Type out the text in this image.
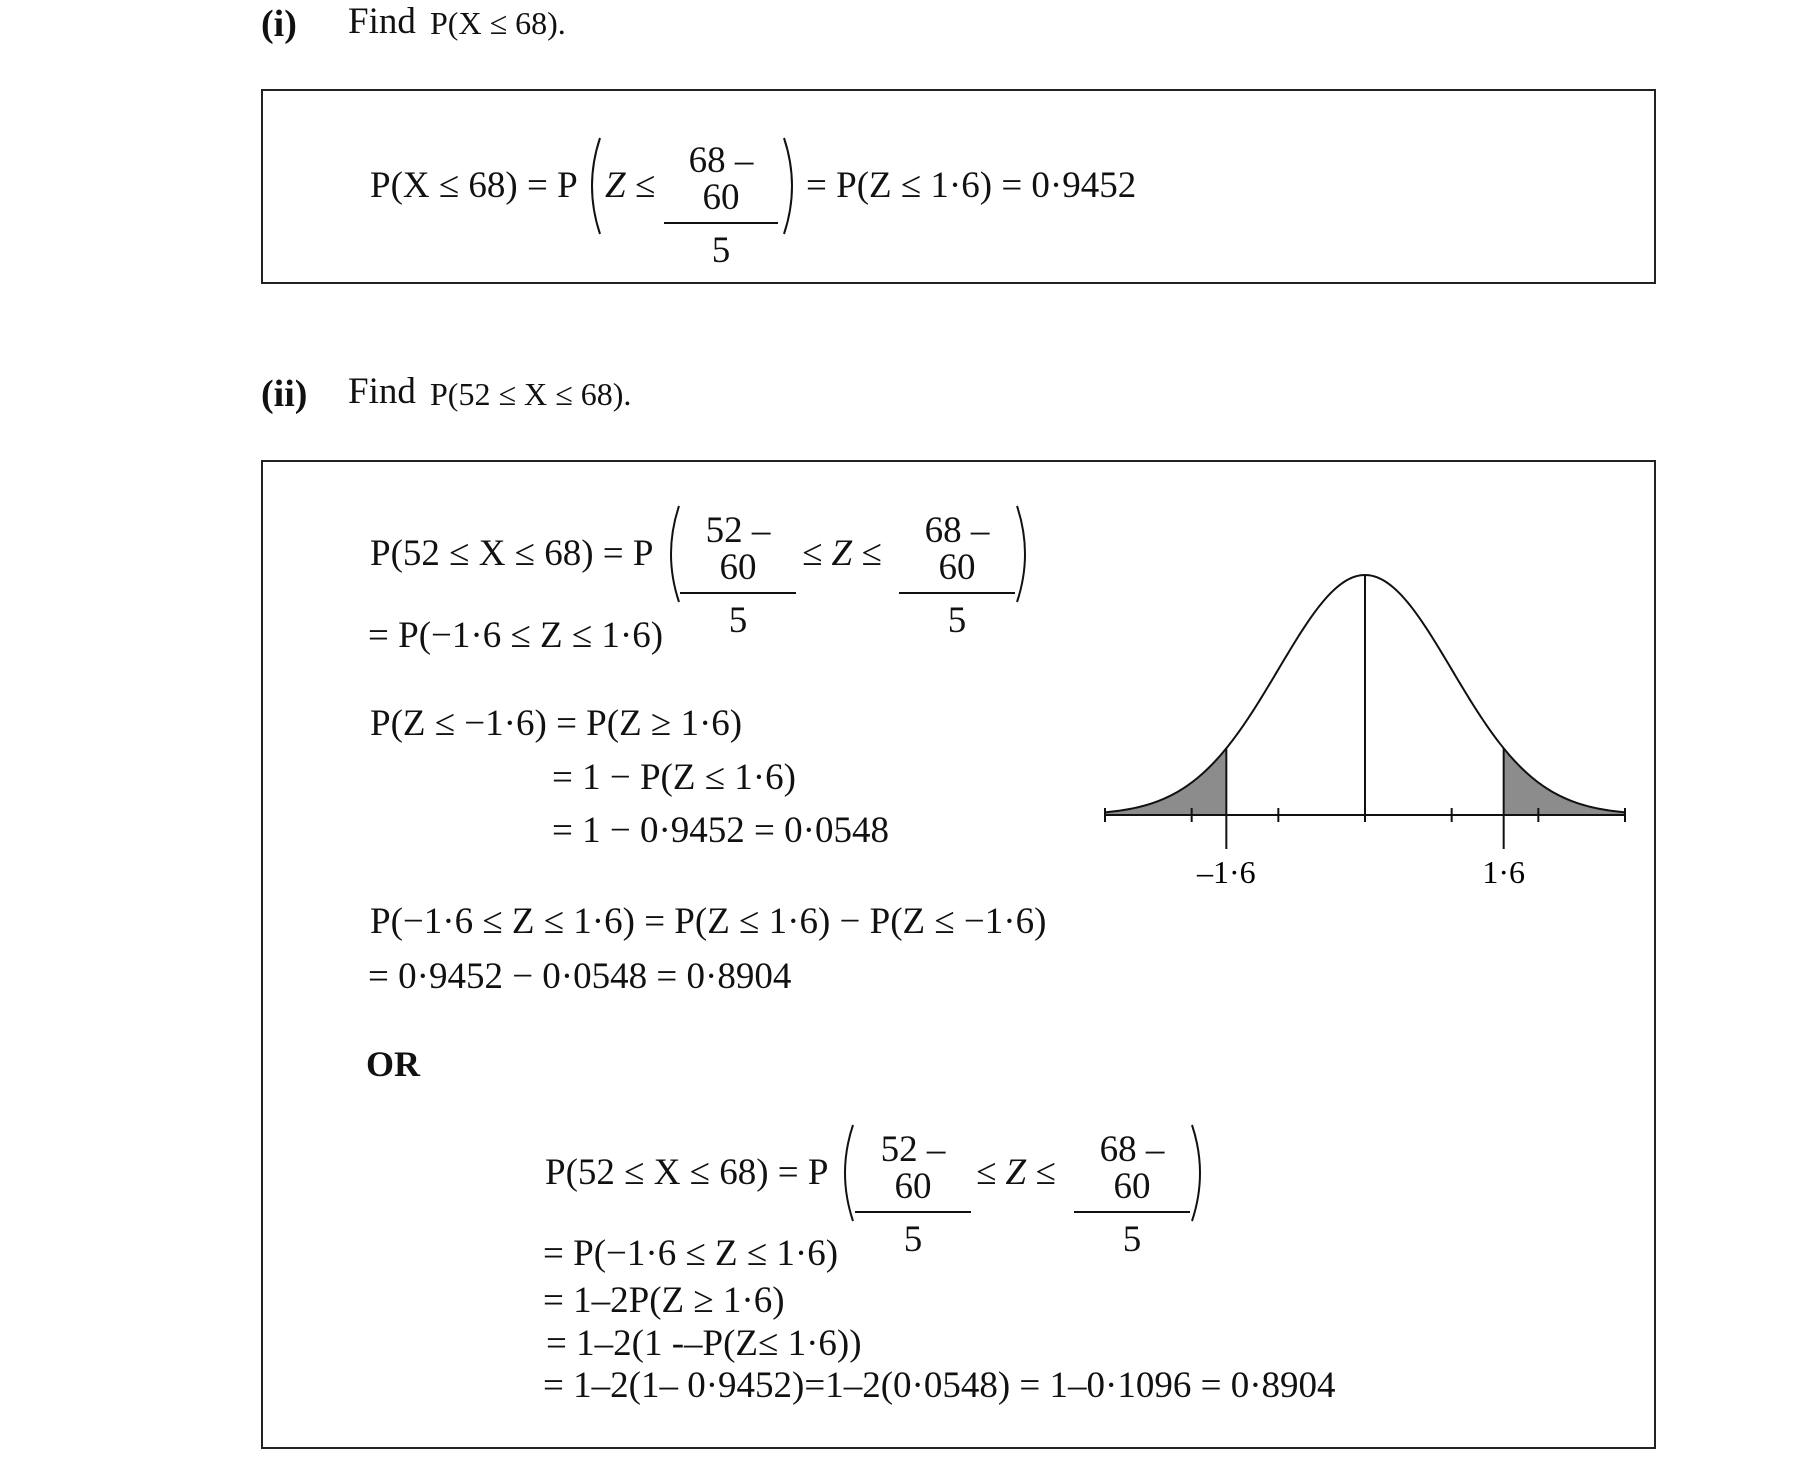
(i) Find P(X ≤ 68).
P(X ≤ 68) = P Z ≤
68 – 60
5
= P(Z ≤ 1·6) = 0·9452
(ii) Find P(52 ≤ X ≤ 68).
P(52 ≤ X ≤ 68) = P
52 – 60
5
≤ Z ≤
68 – 60
5
= P(−1·6 ≤ Z ≤ 1·6)
P(Z ≤ −1·6) = P(Z ≥ 1·6)
= 1 − P(Z ≤ 1·6)
= 1 − 0·9452 = 0·0548
P(−1·6 ≤ Z ≤ 1·6) = P(Z ≤ 1·6) − P(Z ≤ −1·6)
= 0·9452 − 0·0548 = 0·8904
OR
P(52 ≤ X ≤ 68) = P
52 – 60
5
≤ Z ≤
68 – 60
5
= P(−1·6 ≤ Z ≤ 1·6)
= 1–2P(Z ≥ 1·6)
= 1–2(1 -–P(Z≤ 1·6))
= 1–2(1– 0·9452)=1–2(0·0548) = 1–0·1096 = 0·8904
–1·6	1·6
